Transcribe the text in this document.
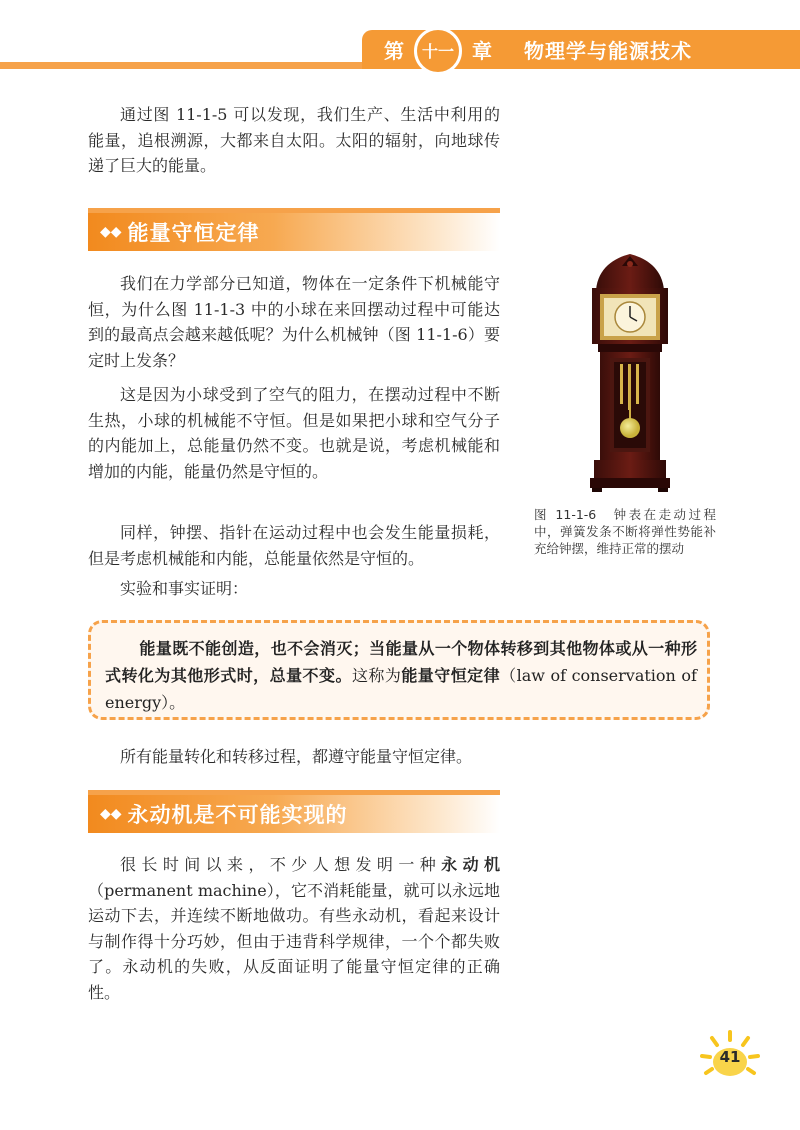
第	十一 章 物理学与能源技术

通过图 11-1-5 可以发现，我们生产、生活中利用的能量，追根溯源，大都来自太阳。太阳的辐射，向地球传递了巨大的能量。

◆◆ 能量守恒定律

我们在力学部分已知道，物体在一定条件下机械能守恒，为什么图 11-1-3 中的小球在来回摆动过程中可能达到的最高点会越来越低呢？为什么机械钟（图 11-1-6）要定时上发条？

这是因为小球受到了空气的阻力，在摆动过程中不断生热，小球的机械能不守恒。但是如果把小球和空气分子的内能加上，总能量仍然不变。也就是说，考虑机械能和增加的内能，能量仍然是守恒的。

同样，钟摆、指针在运动过程中也会发生能量损耗，但是考虑机械能和内能，总能量依然是守恒的。

实验和事实证明：

图 11-1-6　钟表在走动过程中，弹簧发条不断将弹性势能补充给钟摆，维持正常的摆动

能量既不能创造，也不会消灭；当能量从一个物体转移到其他物体或从一种形式转化为其他形式时，总量不变。这称为能量守恒定律（law of conservation of energy）。

所有能量转化和转移过程，都遵守能量守恒定律。

◆◆ 永动机是不可能实现的

很长时间以来，不少人想发明一种永动机（permanent machine），它不消耗能量，就可以永远地运动下去，并连续不断地做功。有些永动机，看起来设计与制作得十分巧妙，但由于违背科学规律，一个个都失败了。永动机的失败，从反面证明了能量守恒定律的正确性。

41
